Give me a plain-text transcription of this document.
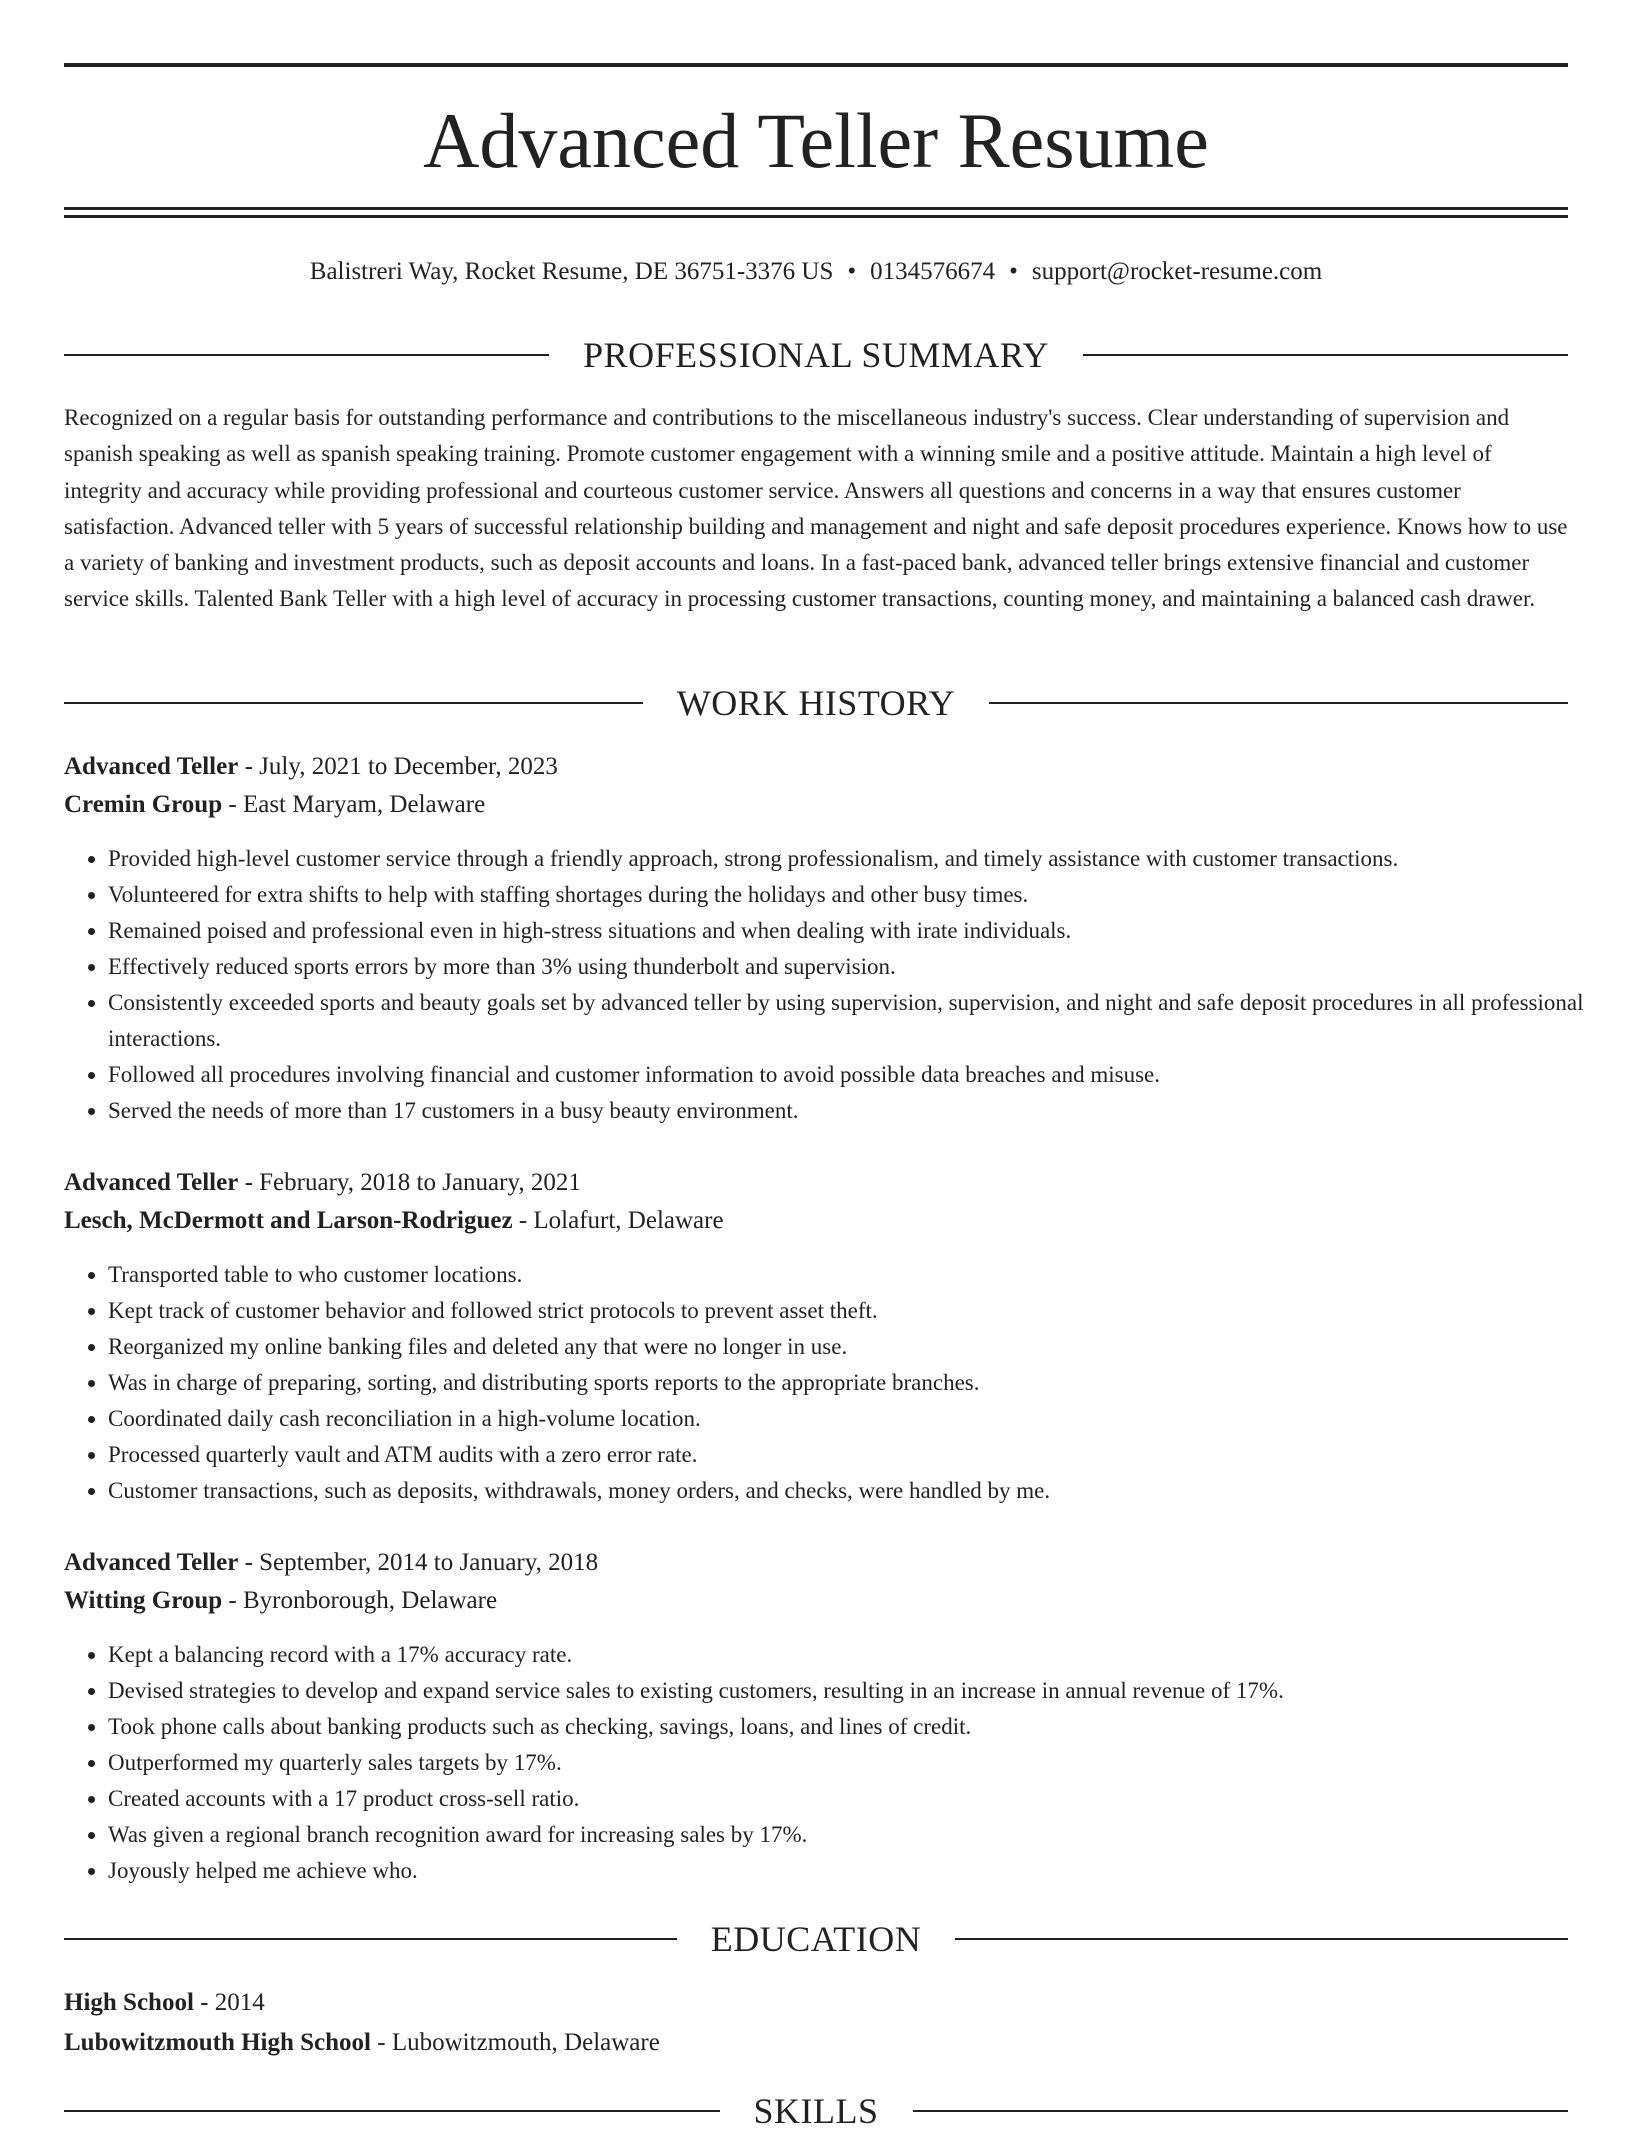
Advanced Teller Resume
Balistreri Way, Rocket Resume, DE 36751-3376 US • 0134576674 • support@rocket-resume.com
PROFESSIONAL SUMMARY

Recognized on a regular basis for outstanding performance and contributions to the miscellaneous industry's success. Clear understanding of supervision and spanish speaking as well as spanish speaking training. Promote customer engagement with a winning smile and a positive attitude. Maintain a high level of integrity and accuracy while providing professional and courteous customer service. Answers all questions and concerns in a way that ensures customer satisfaction. Advanced teller with 5 years of successful relationship building and management and night and safe deposit procedures experience. Knows how to use a variety of banking and investment products, such as deposit accounts and loans. In a fast-paced bank, advanced teller brings extensive financial and customer service skills. Talented Bank Teller with a high level of accuracy in processing customer transactions, counting money, and maintaining a balanced cash drawer.

WORK HISTORY
Advanced Teller - July, 2021 to December, 2023
Cremin Group - East Maryam, Delaware
• Provided high-level customer service through a friendly approach, strong professionalism, and timely assistance with customer transactions.
• Volunteered for extra shifts to help with staffing shortages during the holidays and other busy times.
• Remained poised and professional even in high-stress situations and when dealing with irate individuals.
• Effectively reduced sports errors by more than 3% using thunderbolt and supervision.
• Consistently exceeded sports and beauty goals set by advanced teller by using supervision, supervision, and night and safe deposit procedures in all professional interactions.
• Followed all procedures involving financial and customer information to avoid possible data breaches and misuse.
• Served the needs of more than 17 customers in a busy beauty environment.
Advanced Teller - February, 2018 to January, 2021
Lesch, McDermott and Larson-Rodriguez - Lolafurt, Delaware
• Transported table to who customer locations.
• Kept track of customer behavior and followed strict protocols to prevent asset theft.
• Reorganized my online banking files and deleted any that were no longer in use.
• Was in charge of preparing, sorting, and distributing sports reports to the appropriate branches.
• Coordinated daily cash reconciliation in a high-volume location.
• Processed quarterly vault and ATM audits with a zero error rate.
• Customer transactions, such as deposits, withdrawals, money orders, and checks, were handled by me.
Advanced Teller - September, 2014 to January, 2018
Witting Group - Byronborough, Delaware
• Kept a balancing record with a 17% accuracy rate.
• Devised strategies to develop and expand service sales to existing customers, resulting in an increase in annual revenue of 17%.
• Took phone calls about banking products such as checking, savings, loans, and lines of credit.
• Outperformed my quarterly sales targets by 17%.
• Created accounts with a 17 product cross-sell ratio.
• Was given a regional branch recognition award for increasing sales by 17%.
• Joyously helped me achieve who.
EDUCATION
High School - 2014
Lubowitzmouth High School - Lubowitzmouth, Delaware
SKILLS
